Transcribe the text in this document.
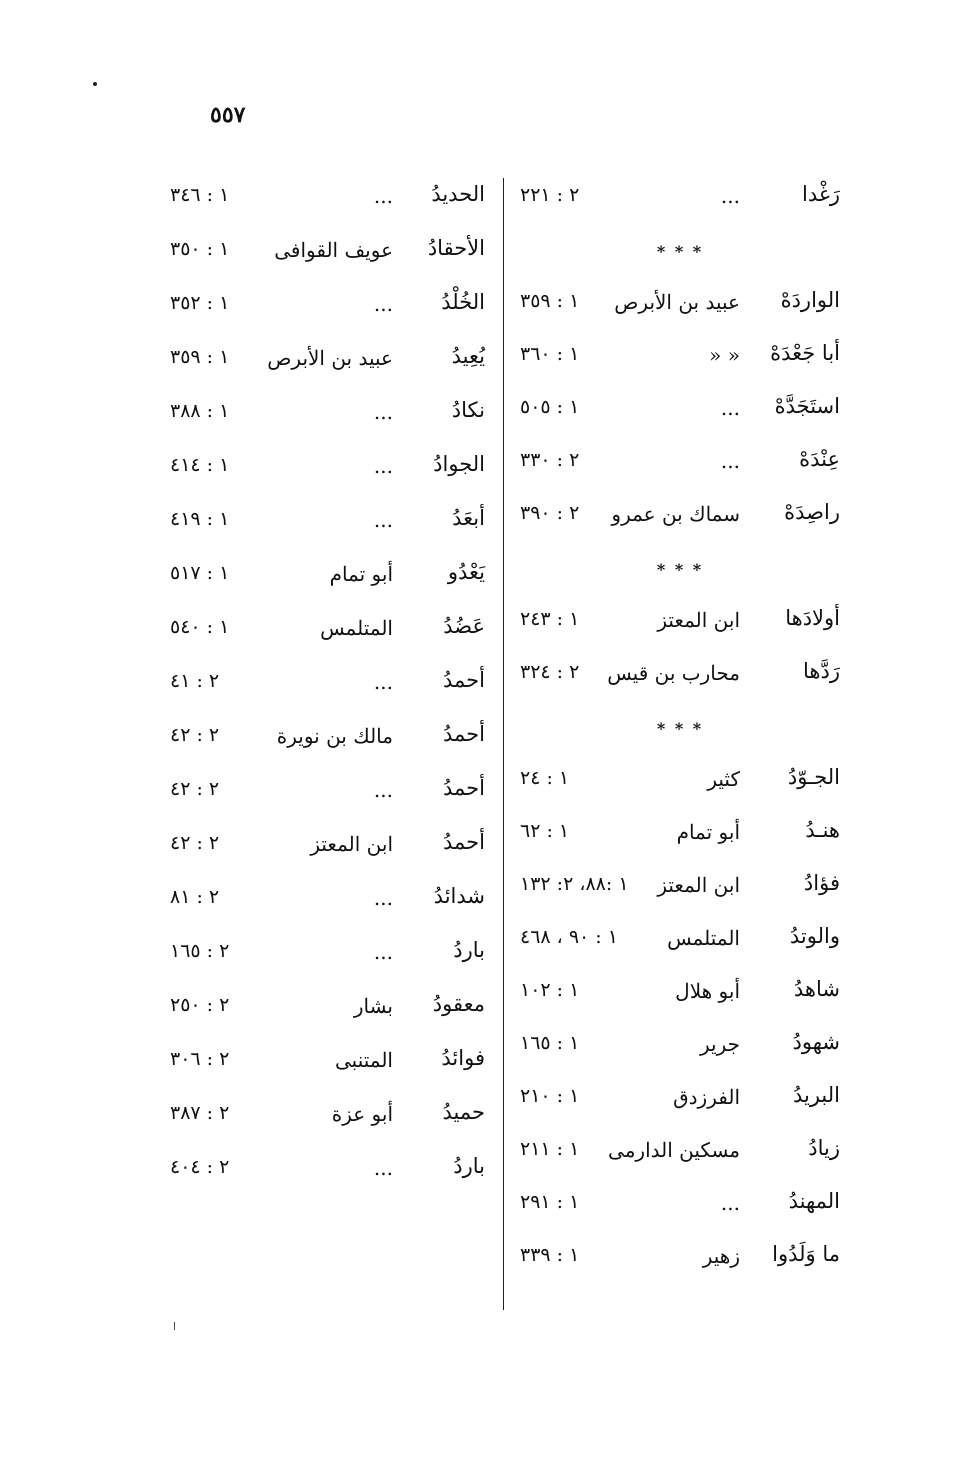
٥٥٧
رَغْدا
...
٢ : ٢٢١
* * *
الواردَهْ
عبيد بن الأبرص
١ : ٣٥٩
أبا جَعْدَهْ
« «
١ : ٣٦٠
استَجَدَّهْ
...
١ : ٥٠٥
عِنْدَهْ
...
٢ : ٣٣٠
راصِدَهْ
سماك بن عمرو
٢ : ٣٩٠
* * *
أولادَها
ابن المعتز
١ : ٢٤٣
رَدَّها
محارب بن قيس
٢ : ٣٢٤
* * *
الجـوّدُ
كثير
١ : ٢٤
هنـدُ
أبو تمام
١ : ٦٢
فؤادُ
ابن المعتز
١ :٨٨، ٢: ١٣٢
والوتدُ
المتلمس
١ : ٩٠ ، ٤٦٨
شاهدُ
أبو هلال
١ : ١٠٢
شهودُ
جرير
١ : ١٦٥
البريدُ
الفرزدق
١ : ٢١٠
زيادُ
مسكين الدارمى
١ : ٢١١
المهندُ
...
١ : ٢٩١
ما وَلَدُوا
زهير
١ : ٣٣٩
الحديدُ
...
١ : ٣٤٦
الأحقادُ
عويف القوافى
١ : ٣٥٠
الخُلْدُ
...
١ : ٣٥٢
يُعِيدُ
عبيد بن الأبرص
١ : ٣٥٩
نكادُ
...
١ : ٣٨٨
الجوادُ
...
١ : ٤١٤
أبعَدُ
...
١ : ٤١٩
يَعْدُو
أبو تمام
١ : ٥١٧
عَضُدُ
المتلمس
١ : ٥٤٠
أحمدُ
...
٢ : ٤١
أحمدُ
مالك بن نويرة
٢ : ٤٢
أحمدُ
...
٢ : ٤٢
أحمدُ
ابن المعتز
٢ : ٤٢
شدائدُ
...
٢ : ٨١
باردُ
...
٢ : ١٦٥
معقودُ
بشار
٢ : ٢٥٠
فوائدُ
المتنبى
٢ : ٣٠٦
حميدُ
أبو عزة
٢ : ٣٨٧
باردُ
...
٢ : ٤٠٤
